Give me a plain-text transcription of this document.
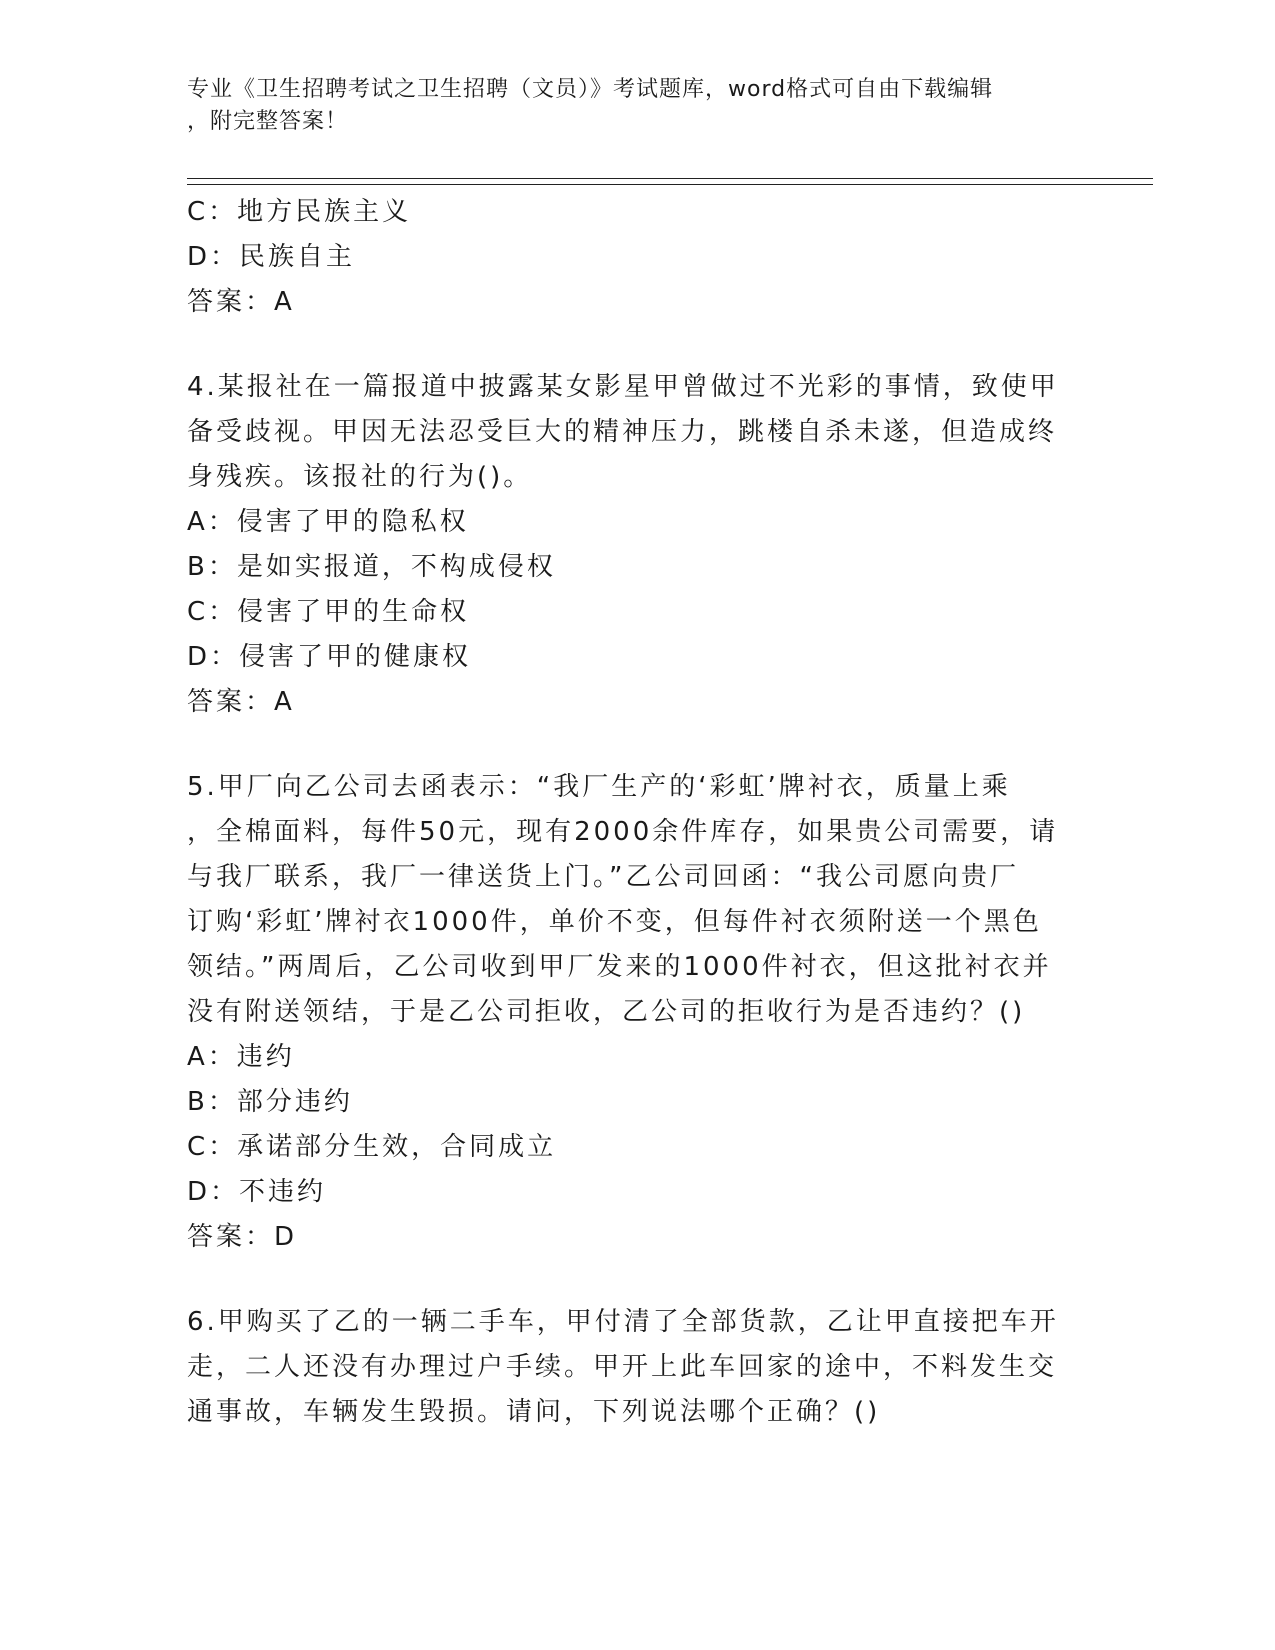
专业《卫生招聘考试之卫生招聘（文员）》考试题库，word格式可自由下载编辑
，附完整答案！
C：地方民族主义
D：民族自主
答案：A
4.某报社在一篇报道中披露某女影星甲曾做过不光彩的事情，致使甲
备受歧视。甲因无法忍受巨大的精神压力，跳楼自杀未遂，但造成终
身残疾。该报社的行为()。
A：侵害了甲的隐私权
B：是如实报道，不构成侵权
C：侵害了甲的生命权
D：侵害了甲的健康权
答案：A
5.甲厂向乙公司去函表示：“我厂生产的‘彩虹’牌衬衣，质量上乘
，全棉面料，每件50元，现有2000余件库存，如果贵公司需要，请
与我厂联系，我厂一律送货上门。”乙公司回函：“我公司愿向贵厂
订购‘彩虹’牌衬衣1000件，单价不变，但每件衬衣须附送一个黑色
领结。”两周后，乙公司收到甲厂发来的1000件衬衣，但这批衬衣并
没有附送领结，于是乙公司拒收，乙公司的拒收行为是否违约？()
A：违约
B：部分违约
C：承诺部分生效，合同成立
D：不违约
答案：D
6.甲购买了乙的一辆二手车，甲付清了全部货款，乙让甲直接把车开
走，二人还没有办理过户手续。甲开上此车回家的途中，不料发生交
通事故，车辆发生毁损。请问，下列说法哪个正确？()
